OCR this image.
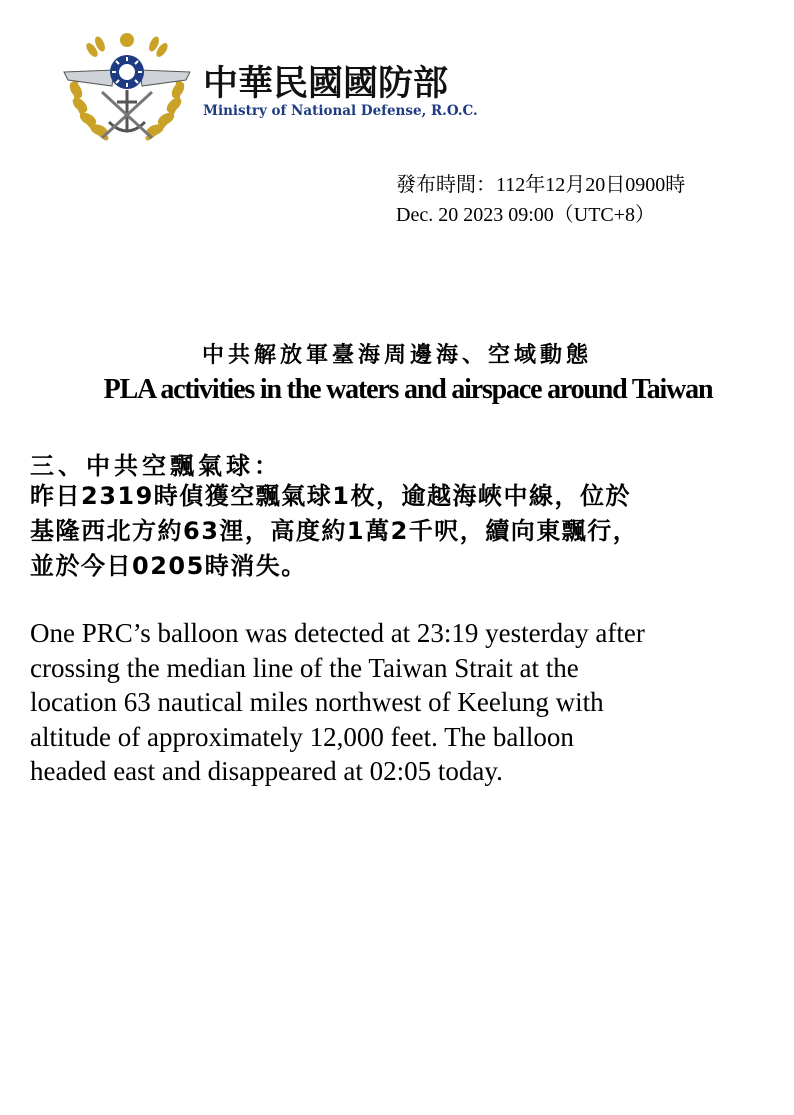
中華民國國防部
Ministry of National Defense, R.O.C.
發布時間：112年12月20日0900時
Dec. 20 2023 09:00（UTC+8）
中共解放軍臺海周邊海、空域動態
PLA activities in the waters and airspace around Taiwan
三、中共空飄氣球：
昨日2319時偵獲空飄氣球1枚，逾越海峽中線，位於
基隆西北方約63浬，高度約1萬2千呎，續向東飄行，
並於今日0205時消失。
One PRC’s balloon was detected at 23:19 yesterday after
crossing the median line of the Taiwan Strait at the
location 63 nautical miles northwest of Keelung with
altitude of approximately 12,000 feet. The balloon
headed east and disappeared at 02:05 today.
